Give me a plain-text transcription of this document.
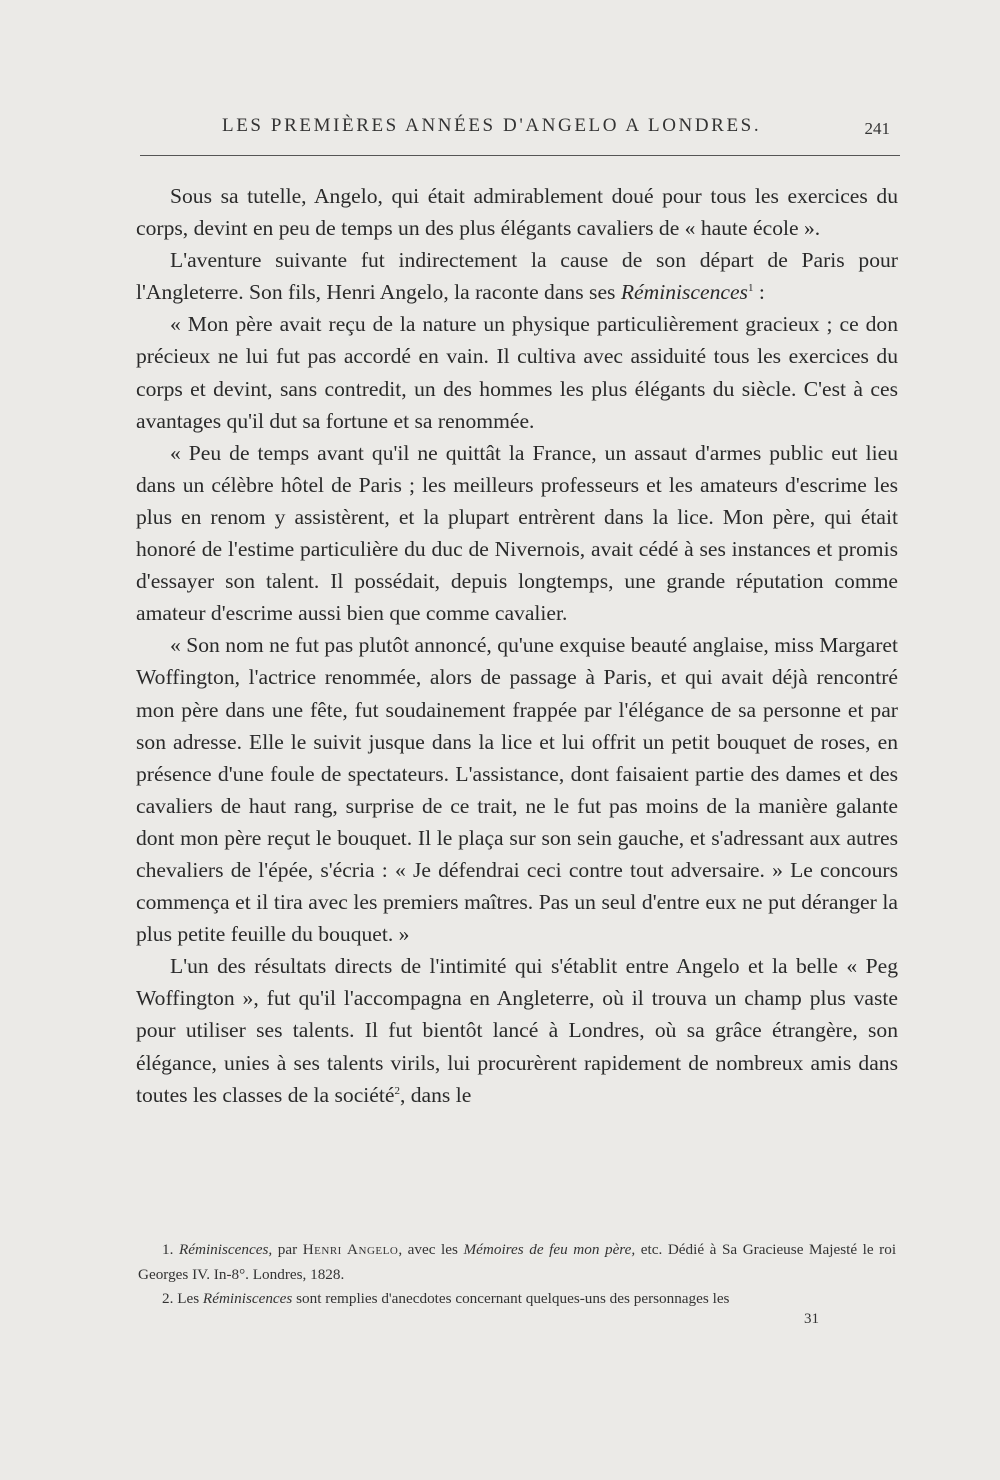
LES PREMIÈRES ANNÉES D'ANGELO A LONDRES.	241

Sous sa tutelle, Angelo, qui était admirablement doué pour tous les exercices du corps, devint en peu de temps un des plus élégants cavaliers de « haute école ».

L'aventure suivante fut indirectement la cause de son départ de Paris pour l'Angleterre. Son fils, Henri Angelo, la raconte dans ses Réminiscences$^1$ :

« Mon père avait reçu de la nature un physique particulièrement gracieux ; ce don précieux ne lui fut pas accordé en vain. Il cultiva avec assiduité tous les exercices du corps et devint, sans contredit, un des hommes les plus élégants du siècle. C'est à ces avantages qu'il dut sa fortune et sa renommée.

« Peu de temps avant qu'il ne quittât la France, un assaut d'armes public eut lieu dans un célèbre hôtel de Paris ; les meilleurs professeurs et les amateurs d'escrime les plus en renom y assistèrent, et la plupart entrèrent dans la lice. Mon père, qui était honoré de l'estime particulière du duc de Nivernois, avait cédé à ses instances et promis d'essayer son talent. Il possédait, depuis longtemps, une grande réputation comme amateur d'escrime aussi bien que comme cavalier.

« Son nom ne fut pas plutôt annoncé, qu'une exquise beauté anglaise, miss Margaret Woffington, l'actrice renommée, alors de passage à Paris, et qui avait déjà rencontré mon père dans une fête, fut soudainement frappée par l'élégance de sa personne et par son adresse. Elle le suivit jusque dans la lice et lui offrit un petit bouquet de roses, en présence d'une foule de spectateurs. L'assistance, dont faisaient partie des dames et des cavaliers de haut rang, surprise de ce trait, ne le fut pas moins de la manière galante dont mon père reçut le bouquet. Il le plaça sur son sein gauche, et s'adressant aux autres chevaliers de l'épée, s'écria : « Je défendrai ceci contre tout adversaire. » Le concours commença et il tira avec les premiers maîtres. Pas un seul d'entre eux ne put déranger la plus petite feuille du bouquet. »

L'un des résultats directs de l'intimité qui s'établit entre Angelo et la belle « Peg Woffington », fut qu'il l'accompagna en Angleterre, où il trouva un champ plus vaste pour utiliser ses talents. Il fut bientôt lancé à Londres, où sa grâce étrangère, son élégance, unies à ses talents virils, lui procurèrent rapidement de nombreux amis dans toutes les classes de la société$^2$, dans le

1. Réminiscences, par Henri Angelo, avec les Mémoires de feu mon père, etc. Dédié à Sa Gracieuse Majesté le roi Georges IV. In-8°. Londres, 1828.

2. Les Réminiscences sont remplies d'anecdotes concernant quelques-uns des personnages les

31
